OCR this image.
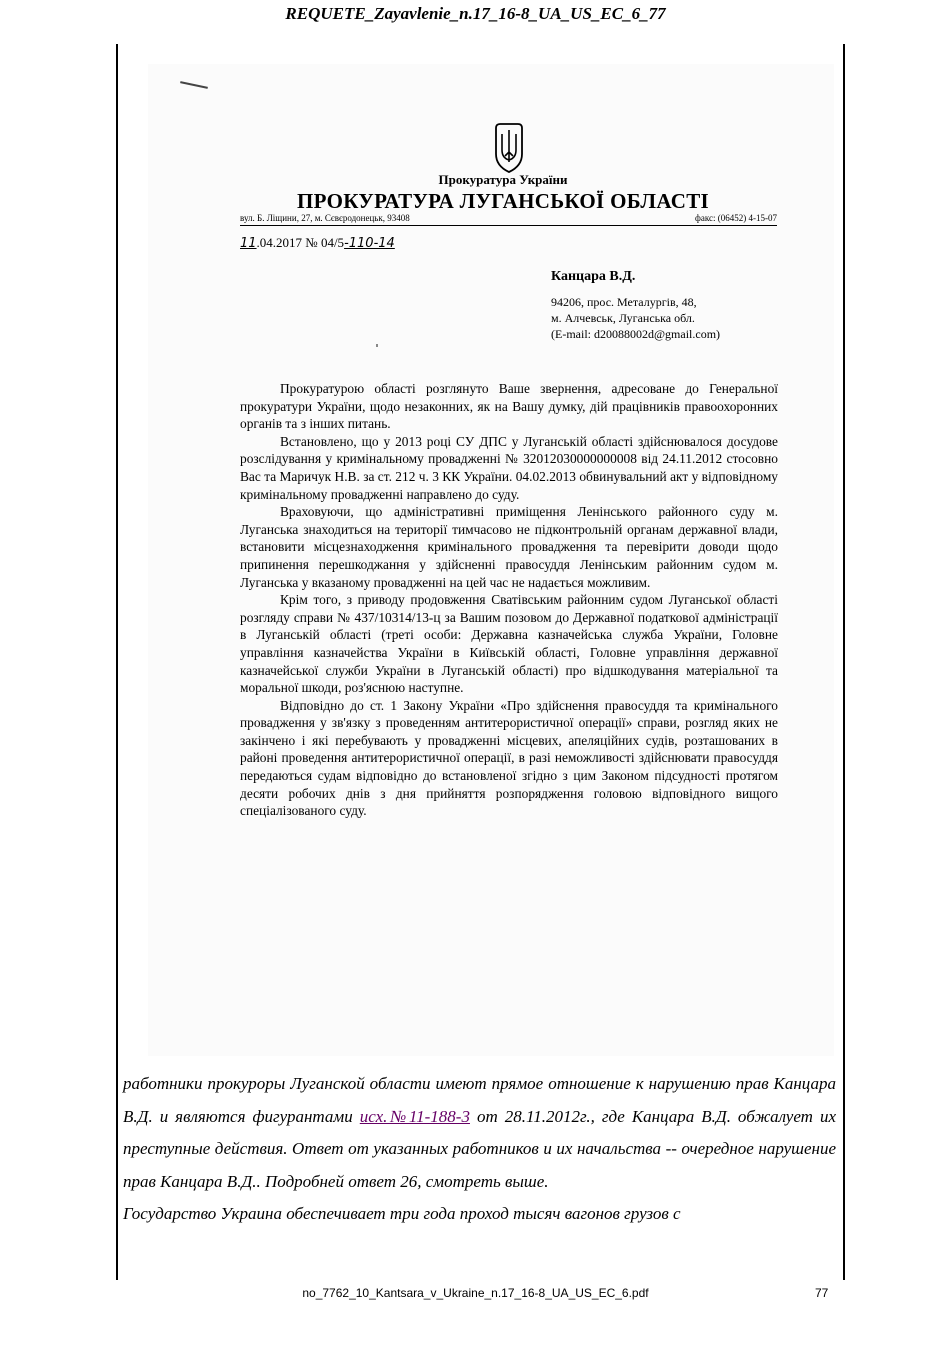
REQUETE_Zayavlenie_n.17_16-8_UA_US_EC_6_77
Прокуратура України
ПРОКУРАТУРА ЛУГАНСЬКОЇ ОБЛАСТІ
вул. Б. Ліщини, 27, м. Сєвєродонецьк, 93408	факс: (06452) 4-15-07
11.04.2017 № 04/5-110-14
Канцара В.Д.
94206, прос. Металургів, 48,
м. Алчевськ, Луганська обл.
(E-mail: d20088002d@gmail.com)

Прокуратурою області розглянуто Ваше звернення, адресоване до Генеральної прокуратури України, щодо незаконних, як на Вашу думку, дій працівників правоохоронних органів та з інших питань.

Встановлено, що у 2013 році СУ ДПС у Луганській області здійснювалося досудове розслідування у кримінальному провадженні № 32012030000000008 від 24.11.2012 стосовно Вас та Маричук Н.В. за ст. 212 ч. 3 КК України. 04.02.2013 обвинувальний акт у відповідному кримінальному провадженні направлено до суду.

Враховуючи, що адміністративні приміщення Ленінського районного суду м. Луганська знаходиться на території тимчасово не підконтрольній органам державної влади, встановити місцезнаходження кримінального провадження та перевірити доводи щодо припинення перешкоджання у здійсненні правосуддя Ленінським районним судом м. Луганська у вказаному провадженні на цей час не надається можливим.

Крім того, з приводу продовження Сватівським районним судом Луганської області розгляду справи № 437/10314/13-ц за Вашим позовом до Державної податкової адміністрації в Луганській області (треті особи: Державна казначейська служба України, Головне управління казначейства України в Київській області, Головне управління державної казначейської служби України в Луганській області) про відшкодування матеріальної та моральної шкоди, роз'яснюю наступне.

Відповідно до ст. 1 Закону України «Про здійснення правосуддя та кримінального провадження у зв'язку з проведенням антитерористичної операції» справи, розгляд яких не закінчено і які перебувають у провадженні місцевих, апеляційних судів, розташованих в районі проведення антитерористичної операції, в разі неможливості здійснювати правосуддя передаються судам відповідно до встановленої згідно з цим Законом підсудності протягом десяти робочих днів з дня прийняття розпорядження головою відповідного вищого спеціалізованого суду.

работники прокуроры Луганской области имеют прямое отношение к нарушению прав Канцара В.Д. и являются фигурантами исх.№11-188-3 от 28.11.2012г., где Канцара В.Д. обжалует их преступные действия. Ответ от указанных работников и их начальства -- очередное нарушение прав Канцара В.Д.. Подробней ответ 26, смотреть выше.

Государство Украина обеспечивает три года проход тысяч вагонов грузов с

no_7762_10_Kantsara_v_Ukraine_n.17_16-8_UA_US_EC_6.pdf	77
